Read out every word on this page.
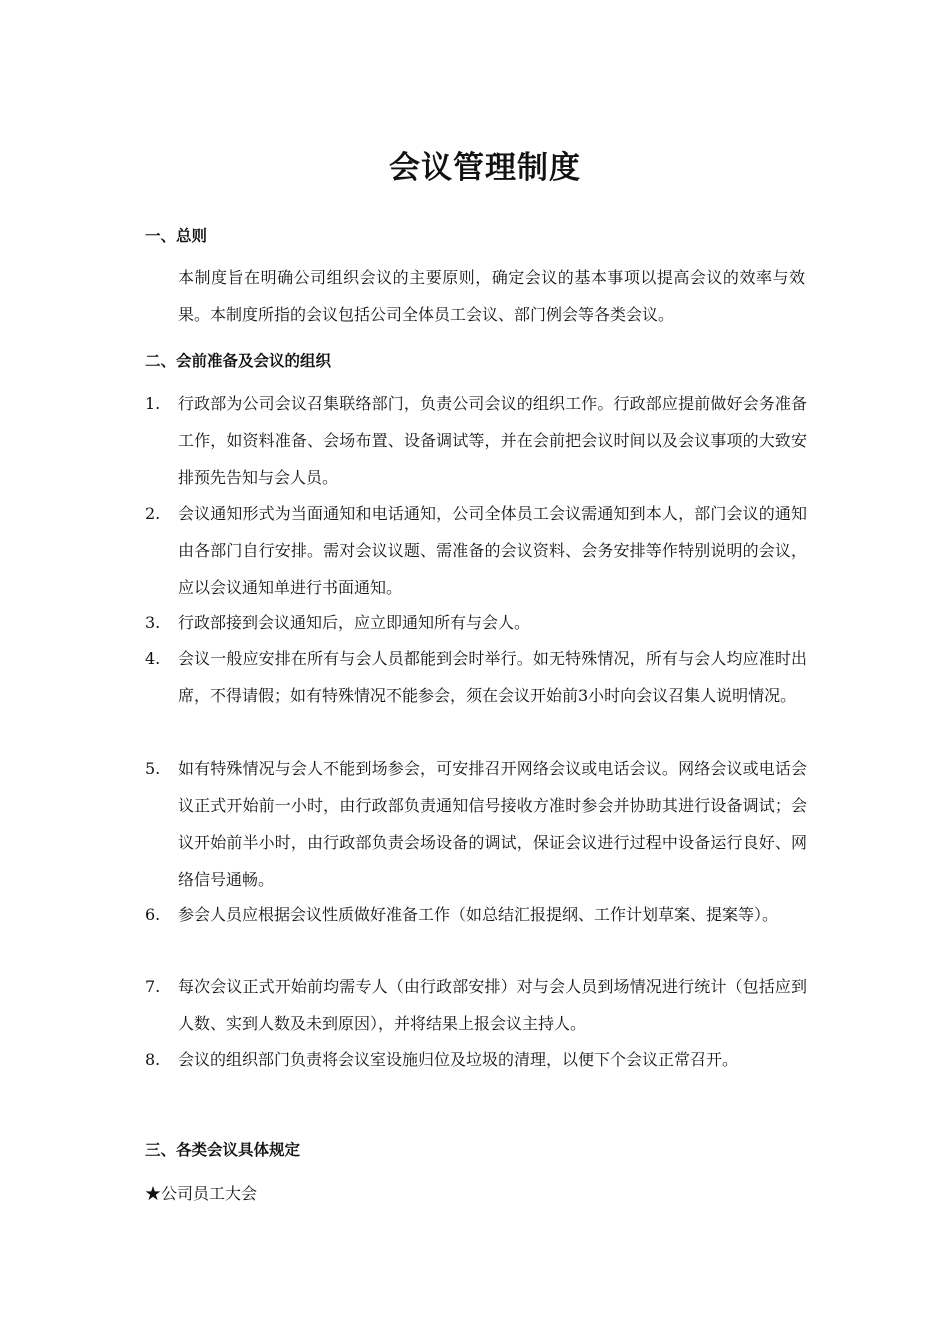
会议管理制度
一、总则
本制度旨在明确公司组织会议的主要原则，确定会议的基本事项以提高会议的效率与效果。本制度所指的会议包括公司全体员工会议、部门例会等各类会议。
二、会前准备及会议的组织
1.	行政部为公司会议召集联络部门，负责公司会议的组织工作。行政部应提前做好会务准备工作，如资料准备、会场布置、设备调试等，并在会前把会议时间以及会议事项的大致安排预先告知与会人员。
2.	会议通知形式为当面通知和电话通知，公司全体员工会议需通知到本人，部门会议的通知由各部门自行安排。需对会议议题、需准备的会议资料、会务安排等作特别说明的会议，应以会议通知单进行书面通知。
3.	行政部接到会议通知后，应立即通知所有与会人。
4.	会议一般应安排在所有与会人员都能到会时举行。如无特殊情况，所有与会人均应准时出席，不得请假；如有特殊情况不能参会，须在会议开始前3小时向会议召集人说明情况。
5.	如有特殊情况与会人不能到场参会，可安排召开网络会议或电话会议。网络会议或电话会议正式开始前一小时，由行政部负责通知信号接收方准时参会并协助其进行设备调试；会议开始前半小时，由行政部负责会场设备的调试，保证会议进行过程中设备运行良好、网络信号通畅。
6.	参会人员应根据会议性质做好准备工作（如总结汇报提纲、工作计划草案、提案等）。
7.	每次会议正式开始前均需专人（由行政部安排）对与会人员到场情况进行统计（包括应到人数、实到人数及未到原因），并将结果上报会议主持人。
8.	会议的组织部门负责将会议室设施归位及垃圾的清理，以便下个会议正常召开。
三、各类会议具体规定
★公司员工大会
